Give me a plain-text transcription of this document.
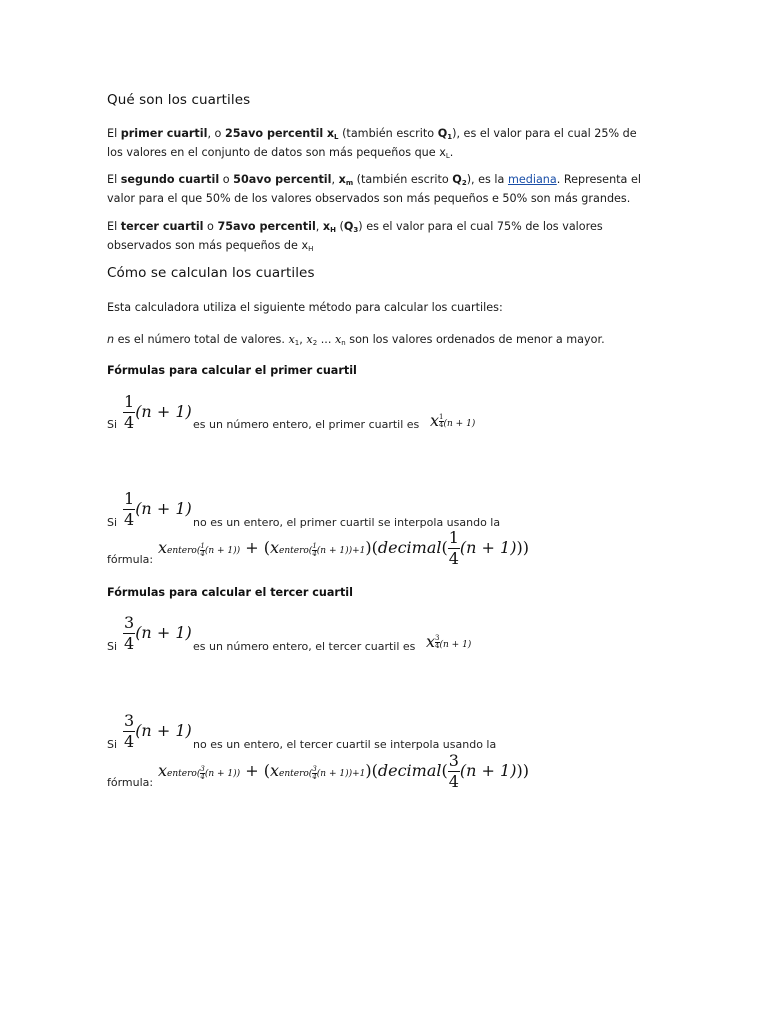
Qué son los cuartiles
El primer cuartil, o 25avo percentil $x_L$ (también escrito $Q_1$), es el valor para el cual 25% de los valores en el conjunto de datos son más pequeños que $x_L$.
El segundo cuartil o 50avo percentil, $x_m$ (también escrito $Q_2$), es la mediana. Representa el valor para el que 50% de los valores observados son más pequeños e 50% son más grandes.
El tercer cuartil o 75avo percentil, $x_H$ $(Q_3)$ es el valor para el cual 75% de los valores observados son más pequeños de $x_H$
Cómo se calculan los cuartiles
Esta calculadora utiliza el siguiente método para calcular los cuartiles:
n es el número total de valores. $x_1$, $x_2$ ... $x_n$ son los valores ordenados de menor a mayor.
Fórmulas para calcular el primer cuartil
Si $\frac{1}{4} (n + 1)$
es un número entero, el primer cuartil es x $\frac{1}{4} (n + 1)$
Si $\frac{1}{4} (n + 1)$
no es un entero, el primer cuartil se interpola usando la
fórmula:
xentero( $\frac{1}{4} (n + 1)$) + (xentero( $\frac{1}{4} (n$ + 1))+1)(decimal( $\frac{1}{4} (n + 1)$))
Fórmulas para calcular el tercer cuartil
Si $\frac{3}{4} (n + 1)$
es un número entero, el tercer cuartil es x $\frac{3}{4} (n + 1)$
Si $\frac{3}{4} (n + 1)$
no es un entero, el tercer cuartil se interpola usando la
fórmula:
xentero( $\frac{3}{4} (n + 1)$) + (xentero( $\frac{3}{4} (n$ + 1))+1)(decimal( $\frac{3}{4} (n + 1)$))
